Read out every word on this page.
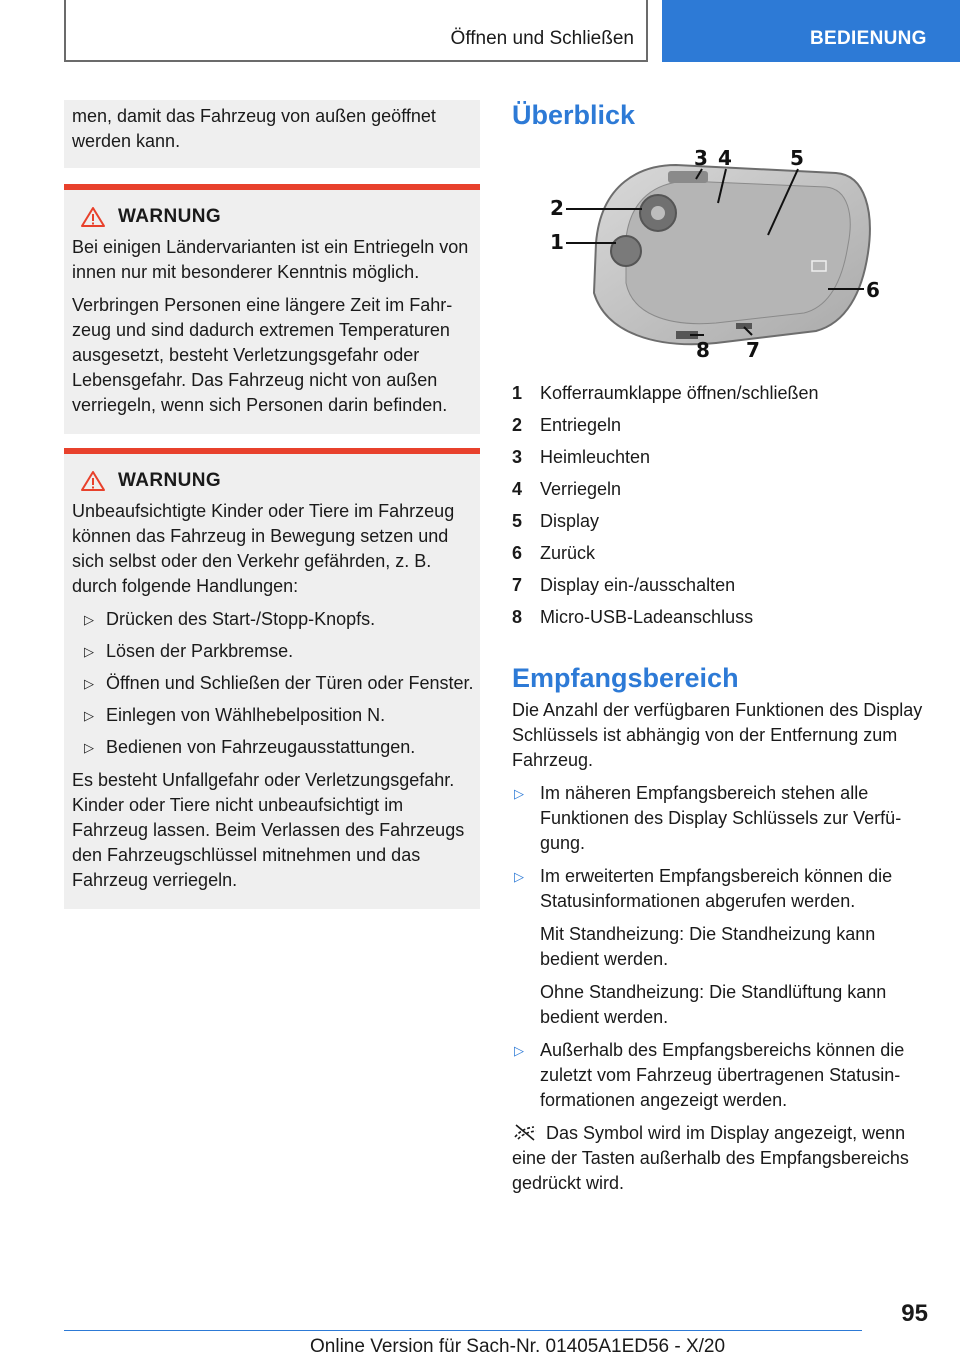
Öffnen und Schließen	BEDIENUNG
men, damit das Fahrzeug von außen geöffnet werden kann.
WARNUNG

Bei einigen Ländervarianten ist ein Entriegeln von innen nur mit besonderer Kenntnis möglich.

Verbringen Personen eine längere Zeit im Fahrzeug und sind dadurch extremen Temperaturen ausgesetzt, besteht Verletzungsgefahr oder Lebensgefahr. Das Fahrzeug nicht von außen verriegeln, wenn sich Personen darin befinden.

WARNUNG

Unbeaufsichtigte Kinder oder Tiere im Fahrzeug können das Fahrzeug in Bewegung setzen und sich selbst oder den Verkehr gefährden, z. B. durch folgende Handlungen:

▷ Drücken des Start-/Stopp-Knopfs.
▷ Lösen der Parkbremse.
▷ Öffnen und Schließen der Türen oder Fenster.
▷ Einlegen von Wählhebelposition N.
▷ Bedienen von Fahrzeugausstattungen.

Es besteht Unfallgefahr oder Verletzungsgefahr. Kinder oder Tiere nicht unbeaufsichtigt im Fahrzeug lassen. Beim Verlassen des Fahrzeugs den Fahrzeugschlüssel mitnehmen und das Fahrzeug verriegeln.

Überblick
3 4	5
2
1
6
7
8
1 Kofferraumklappe öffnen/schließen
2 Entriegeln
3 Heimleuchten
4 Verriegeln
5 Display
6 Zurück
7 Display ein-/ausschalten
8 Micro-USB-Ladeanschluss
Empfangsbereich

Die Anzahl der verfügbaren Funktionen des Display Schlüssels ist abhängig von der Entfernung zum Fahrzeug.

▷ Im näheren Empfangsbereich stehen alle Funktionen des Display Schlüssels zur Verfügung.
▷ Im erweiterten Empfangsbereich können die Statusinformationen abgerufen werden.
Mit Standheizung: Die Standheizung kann bedient werden.
Ohne Standheizung: Die Standlüftung kann bedient werden.
▷ Außerhalb des Empfangsbereichs können die zuletzt vom Fahrzeug übertragenen Statusinformationen angezeigt werden.
Das Symbol wird im Display angezeigt, wenn eine der Tasten außerhalb des Empfangsbereichs gedrückt wird.
95
Online Version für Sach-Nr. 01405A1ED56 - X/20
